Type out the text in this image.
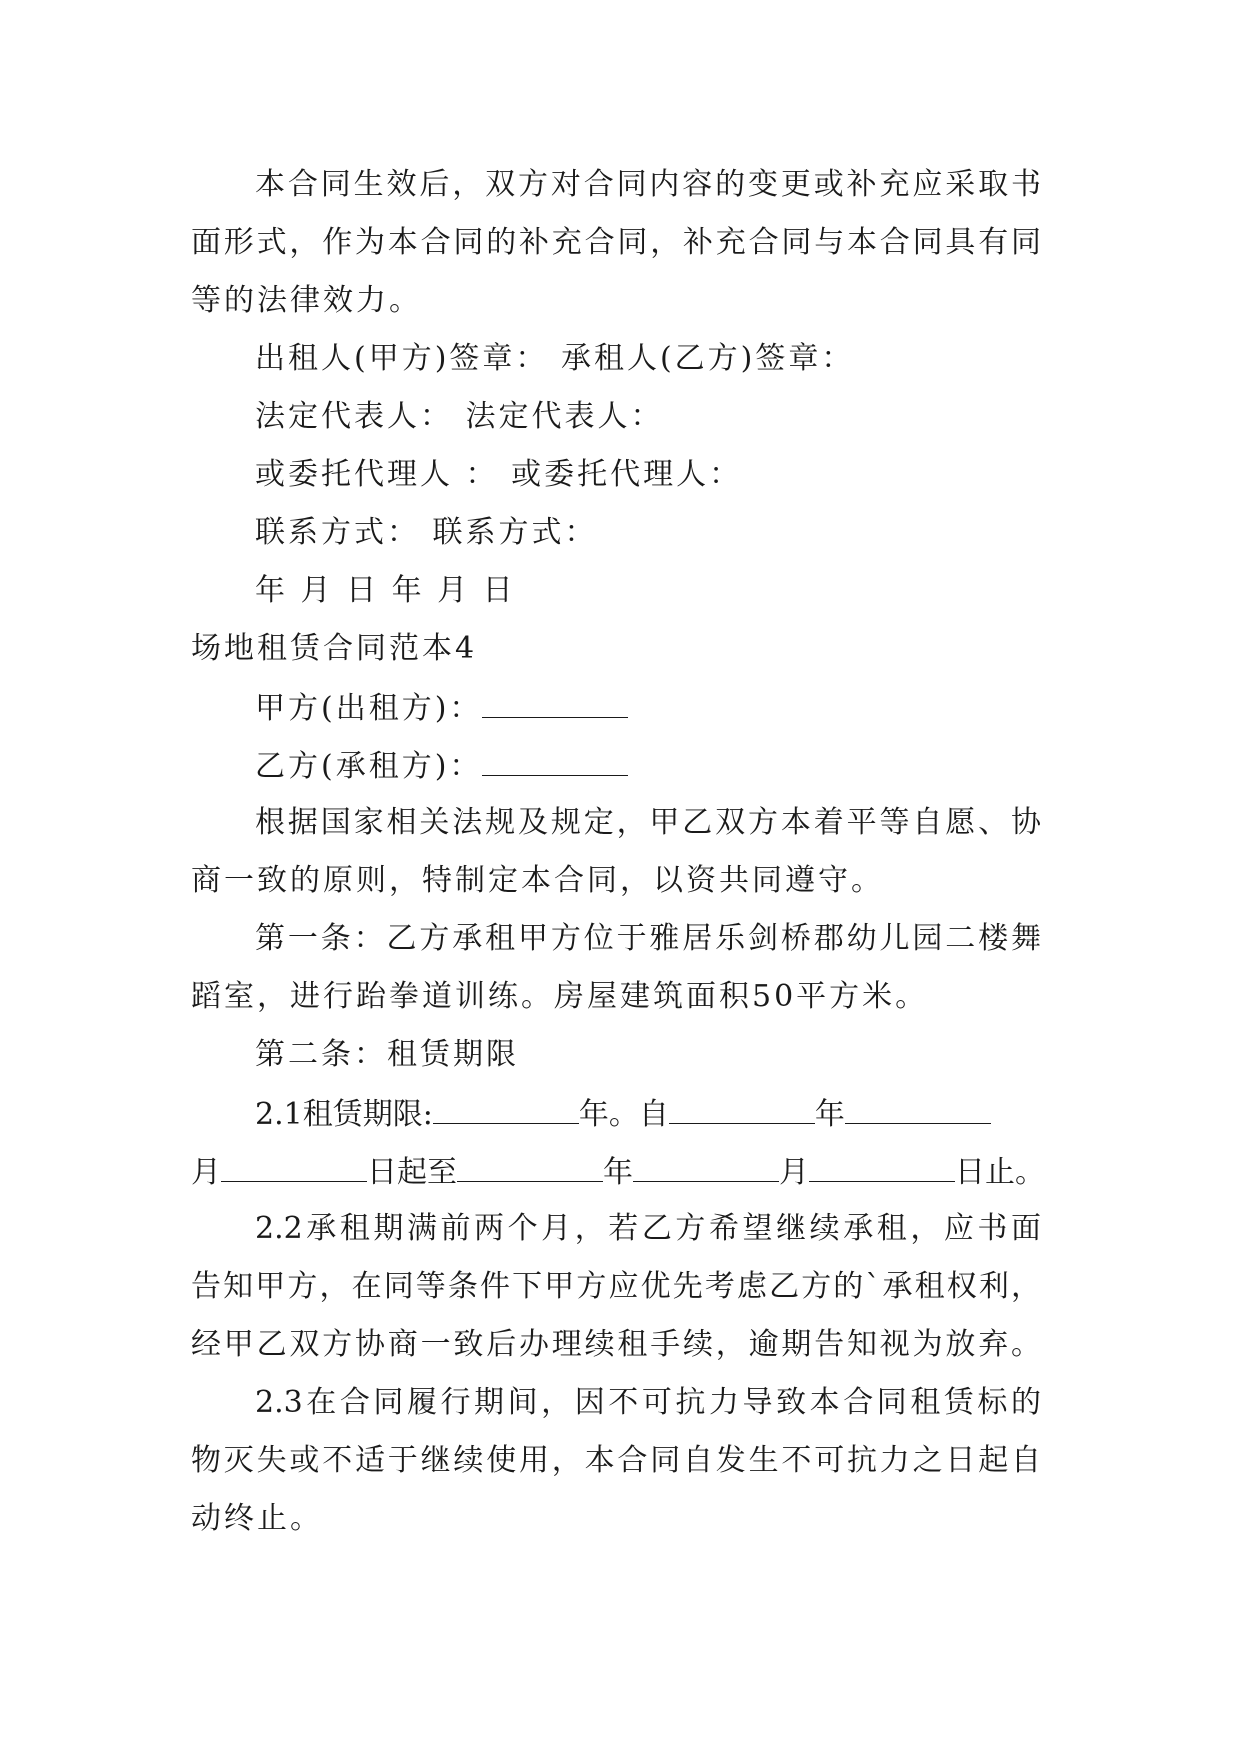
本合同生效后，双方对合同内容的变更或补充应采取书
面形式，作为本合同的补充合同，补充合同与本合同具有同
等的法律效力。
出租人(甲方)签章： 承租人(乙方)签章：
法定代表人： 法定代表人：
或委托代理人 ： 或委托代理人：
联系方式： 联系方式：
年 月 日 年 月 日
场地租赁合同范本4
甲方(出租方)：
乙方(承租方)：
根据国家相关法规及规定，甲乙双方本着平等自愿、协
商一致的原则，特制定本合同，以资共同遵守。
第一条：乙方承租甲方位于雅居乐剑桥郡幼儿园二楼舞
蹈室，进行跆拳道训练。房屋建筑面积50平方米。
第二条：租赁期限
2.1租赁期限:	年。自	年
月	日起至	年	月	日止。
2.2承租期满前两个月，若乙方希望继续承租，应书面
告知甲方，在同等条件下甲方应优先考虑乙方的`承租权利，
经甲乙双方协商一致后办理续租手续，逾期告知视为放弃。
2.3在合同履行期间，因不可抗力导致本合同租赁标的
物灭失或不适于继续使用，本合同自发生不可抗力之日起自
动终止。
